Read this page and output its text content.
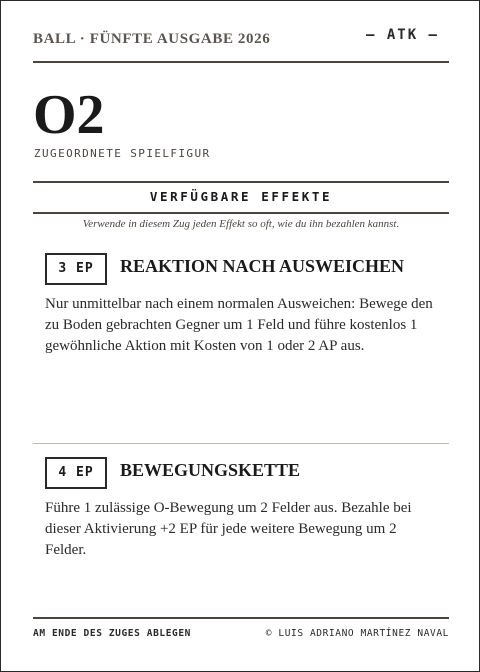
BALL · FÜNFTE AUSGABE 2026	— ATK —
O2
ZUGEORDNETE SPIELFIGUR
VERFÜGBARE EFFEKTE
Verwende in diesem Zug jeden Effekt so oft, wie du ihn bezahlen kannst.
3 EP	REAKTION NACH AUSWEICHEN
Nur unmittelbar nach einem normalen Ausweichen: Bewege den zu Boden gebrachten Gegner um 1 Feld und führe kostenlos 1 gewöhnliche Aktion mit Kosten von 1 oder 2 AP aus.
4 EP	BEWEGUNGSKETTE
Führe 1 zulässige O-Bewegung um 2 Felder aus. Bezahle bei dieser Aktivierung +2 EP für jede weitere Bewegung um 2 Felder.
AM ENDE DES ZUGES ABLEGEN	© LUIS ADRIANO MARTÍNEZ NAVAL
